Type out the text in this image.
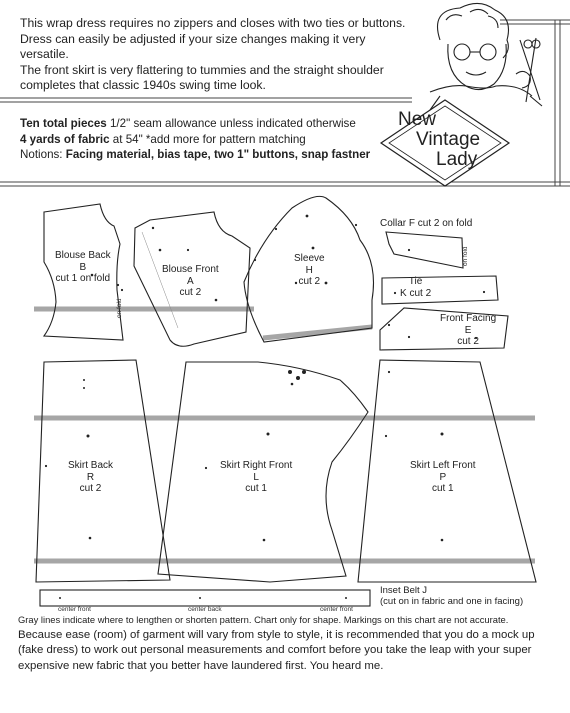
This wrap dress requires no zippers and closes with two ties or buttons.

Dress can easily be adjusted if your size changes making it very versatile.

The front skirt is very flattering to tummies and the straight shoulder

completes that classic 1940s swing time look.

Ten total pieces 1/2" seam allowance unless indicated otherwise
4 yards of fabric at 54" *add more for pattern matching
Notions: Facing material, bias tape, two 1" buttons, snap fastner
New
Vintage
Lady
Blouse Back
B
cut 1 on fold
on fold
Blouse Front
A
cut 2
Sleeve
H
cut 2
Collar F cut 2 on fold
on fold
Tie
K cut 2
Front Facing
E
cut 2
Skirt Back
R
cut 2
Skirt Right Front
L
cut 1
Skirt Left Front
P
cut 1
Inset Belt J
(cut on in fabric and one in facing)
center front	center back	center front
Gray lines indicate where to lengthen or shorten pattern. Chart only for shape. Markings on this chart are not accurate.
Because ease (room) of garment will vary from style to style, it is recommended that you do a mock up (fake dress) to work out personal measurements and comfort before you take the leap with your super expensive new fabric that you better have laundered first. You heard me.
